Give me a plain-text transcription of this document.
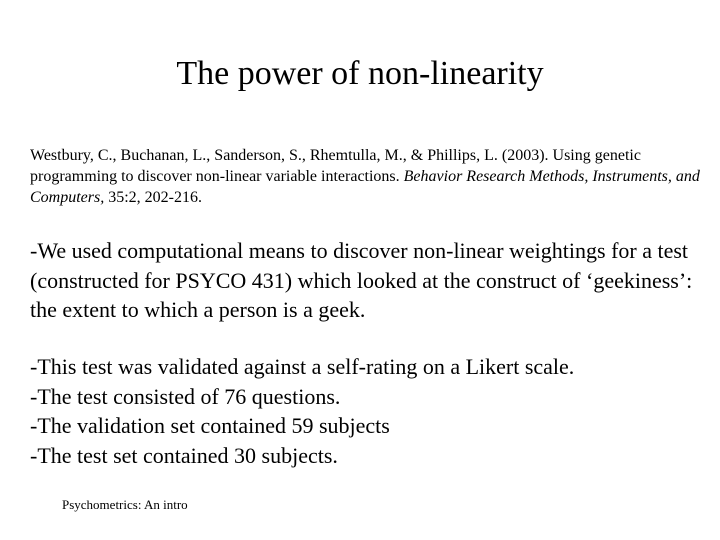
The power of non-linearity
Westbury, C., Buchanan, L., Sanderson, S., Rhemtulla, M., & Phillips, L. (2003). Using genetic programming to discover non-linear variable interactions. Behavior Research Methods, Instruments, and Computers, 35:2, 202-216.
-We used computational means to discover non-linear weightings for a test (constructed for PSYCO 431) which looked at the construct of ‘geekiness’: the extent to which a person is a geek.
-This test was validated against a self-rating on a Likert scale.
-The test consisted of 76 questions.
-The validation set contained 59 subjects
-The test set contained 30 subjects.
Psychometrics: An intro
